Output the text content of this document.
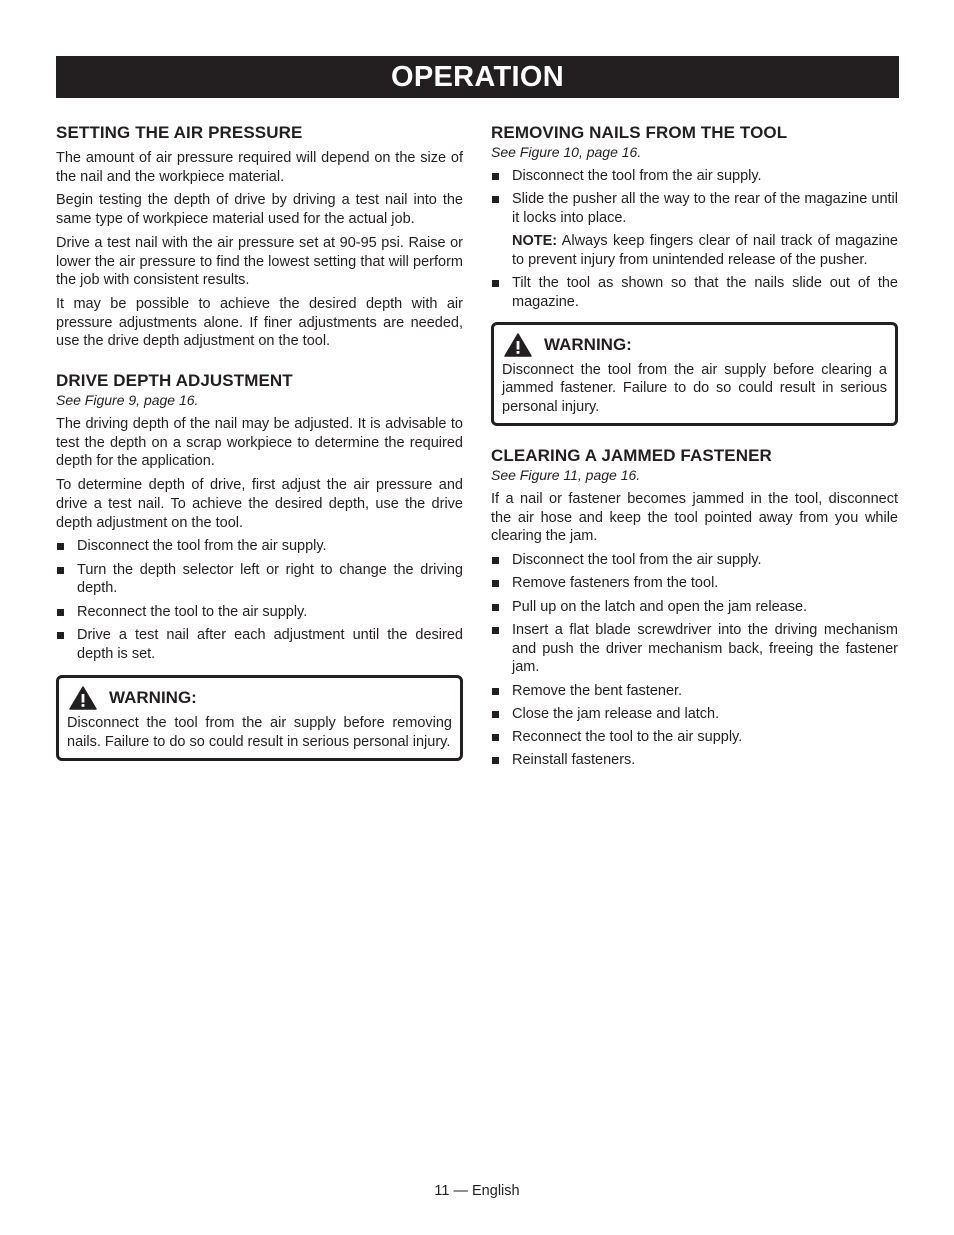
OPERATION
SETTING THE AIR PRESSURE

The amount of air pressure required will depend on the size of the nail and the workpiece material.

Begin testing the depth of drive by driving a test nail into the same type of workpiece material used for the actual job.

Drive a test nail with the air pressure set at 90-95 psi. Raise or lower the air pressure to find the lowest setting that will perform the job with consistent results.

It may be possible to achieve the desired depth with air pressure adjustments alone. If finer adjustments are needed, use the drive depth adjustment on the tool.

DRIVE DEPTH ADJUSTMENT
See Figure 9, page 16.

The driving depth of the nail may be adjusted. It is advisable to test the depth on a scrap workpiece to determine the required depth for the application.

To determine depth of drive, first adjust the air pressure and drive a test nail. To achieve the desired depth, use the drive depth adjustment on the tool.

Disconnect the tool from the air supply.
Turn the depth selector left or right to change the driving depth.
Reconnect the tool to the air supply.
Drive a test nail after each adjustment until the desired depth is set.
WARNING:

Disconnect the tool from the air supply before removing nails. Failure to do so could result in serious personal injury.

REMOVING NAILS FROM THE TOOL
See Figure 10, page 16.
Disconnect the tool from the air supply.
Slide the pusher all the way to the rear of the magazine until it locks into place.
NOTE: Always keep fingers clear of nail track of magazine to prevent injury from unintended release of the pusher.
Tilt the tool as shown so that the nails slide out of the magazine.
WARNING:

Disconnect the tool from the air supply before clearing a jammed fastener. Failure to do so could result in serious personal injury.

CLEARING A JAMMED FASTENER
See Figure 11, page 16.

If a nail or fastener becomes jammed in the tool, disconnect the air hose and keep the tool pointed away from you while clearing the jam.

Disconnect the tool from the air supply.
Remove fasteners from the tool.
Pull up on the latch and open the jam release.
Insert a flat blade screwdriver into the driving mechanism and push the driver mechanism back, freeing the fastener jam.
Remove the bent fastener.
Close the jam release and latch.
Reconnect the tool to the air supply.
Reinstall fasteners.
11 — English
